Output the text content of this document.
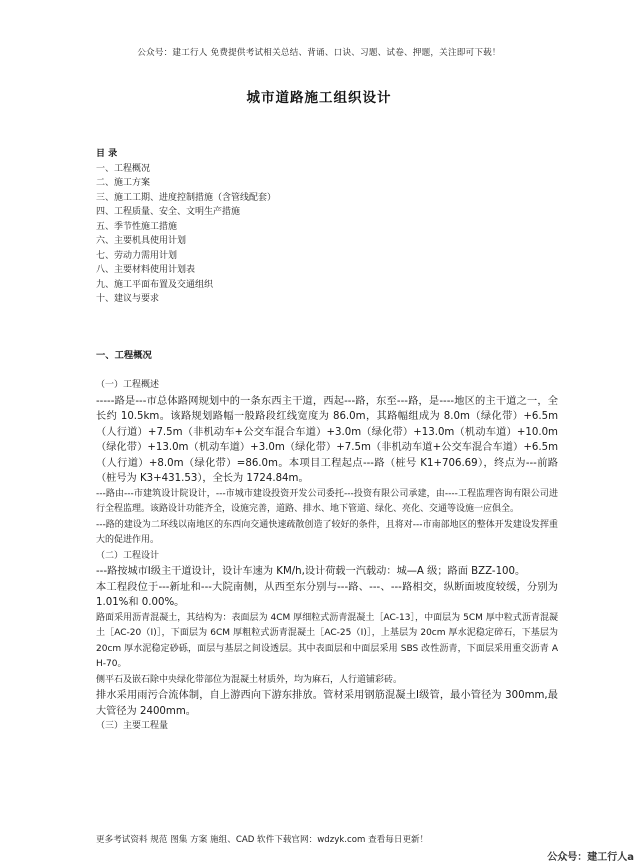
公众号：建工行人 免费提供考试相关总结、背诵、口诀、习题、试卷、押题，关注即可下载！
城市道路施工组织设计
目 录
一、工程概况
二、施工方案
三、施工工期、进度控制措施（含管线配套）
四、工程质量、安全、文明生产措施
五、季节性施工措施
六、主要机具使用计划
七、劳动力需用计划
八、主要材料使用计划表
九、施工平面布置及交通组织
十、建议与要求
一、工程概况

（一）工程概述

-----路是---市总体路网规划中的一条东西主干道，西起---路，东至---路，是----地区的主干道之一，全长约 10.5km。该路规划路幅一般路段红线宽度为 86.0m，其路幅组成为 8.0m（绿化带）+6.5m（人行道）+7.5m（非机动车+公交车混合车道）+3.0m（绿化带）+13.0m（机动车道）+10.0m（绿化带）+13.0m（机动车道）+3.0m（绿化带）+7.5m（非机动车道+公交车混合车道）+6.5m（人行道）+8.0m（绿化带）=86.0m。本项目工程起点---路（桩号 K1+706.69），终点为---前路（桩号为 K3+431.53），全长为 1724.84m。

---路由---市建筑设计院设计，---市城市建设投资开发公司委托---投资有限公司承建，由----工程监理咨询有限公司进行全程监理。该路设计功能齐全，设施完善，道路、排水、地下管道、绿化、亮化、交通等设施一应俱全。

---路的建设为二环线以南地区的东西向交通快速疏散创造了较好的条件，且将对---市南部地区的整体开发建设发挥重大的促进作用。

（二）工程设计

---路按城市Ⅰ级主干道设计，设计车速为 KM/h,设计荷载一汽载动：城—A 级；路面 BZZ-100。

本工程段位于---新址和---大院南侧，从西至东分别与---路、---、---路相交，纵断面坡度较缓，分别为 1.01%和 0.00%。

路面采用沥青混凝土，其结构为：表面层为 4CM 厚细粒式沥青混凝土［AC-13］，中面层为 5CM 厚中粒式沥青混凝土［AC-20（Ⅰ)］，下面层为 6CM 厚粗粒式沥青混凝土［AC-25（Ⅰ)］，上基层为 20cm 厚水泥稳定碎石，下基层为 20cm 厚水泥稳定砂砾，面层与基层之间设透层。其中表面层和中面层采用 SBS 改性沥青，下面层采用重交沥青 AH-70。

侧平石及嵌石除中央绿化带部位为混凝土材质外，均为麻石，人行道铺彩砖。

排水采用雨污合流体制，自上游西向下游东排放。管材采用钢筋混凝土Ⅰ级管，最小管径为 300mm,最大管径为 2400mm。

（三）主要工程量

更多考试资料 规范 图集 方案 施组、CAD 软件下载官网：wdzyk.com 查看每日更新！
公众号：建工行人a
